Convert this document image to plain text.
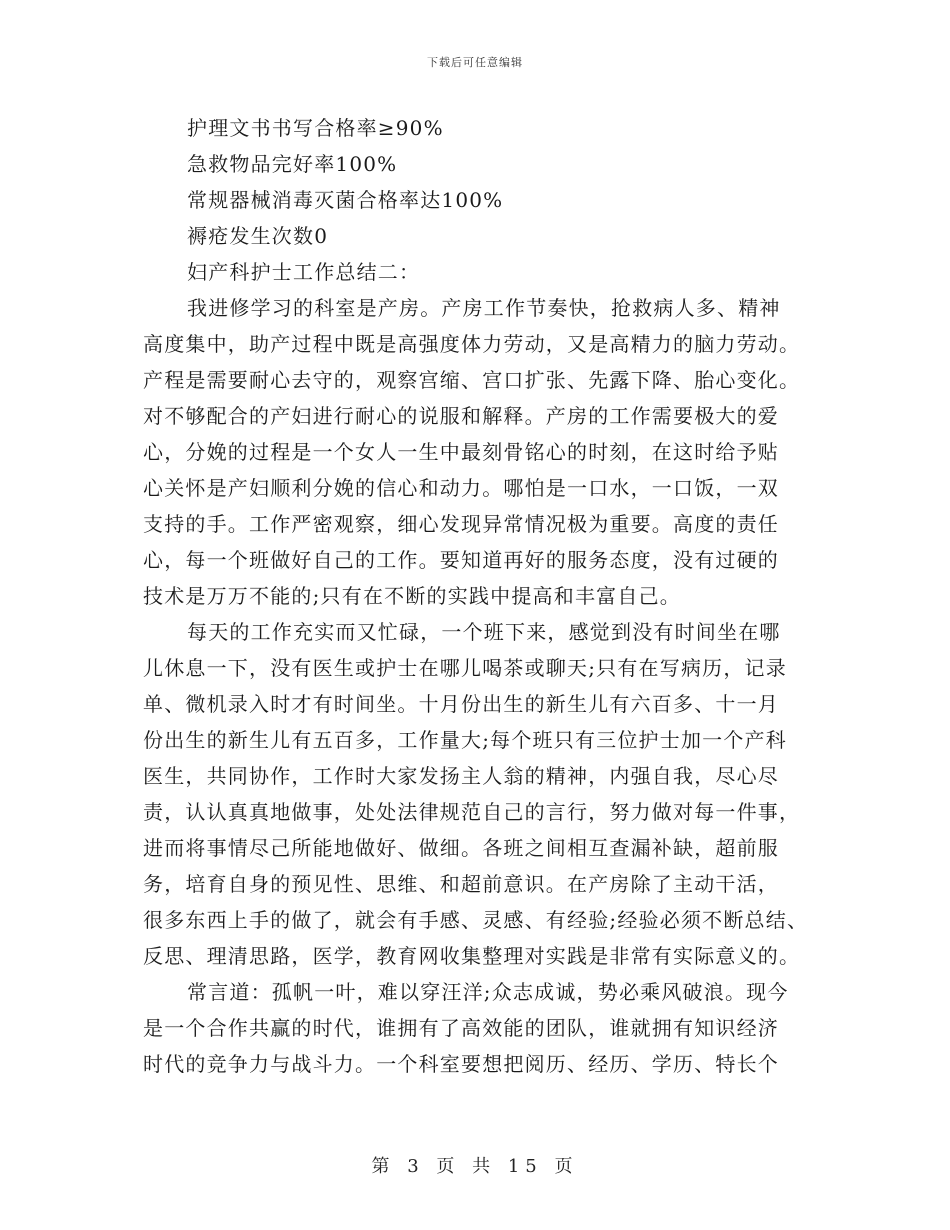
下载后可任意编辑
护理文书书写合格率≥90%
急救物品完好率100%
常规器械消毒灭菌合格率达100%
褥疮发生次数0
妇产科护士工作总结二：
我进修学习的科室是产房。产房工作节奏快，抢救病人多、精神
高度集中，助产过程中既是高强度体力劳动，又是高精力的脑力劳动。
产程是需要耐心去守的，观察宫缩、宫口扩张、先露下降、胎心变化。
对不够配合的产妇进行耐心的说服和解释。产房的工作需要极大的爱
心，分娩的过程是一个女人一生中最刻骨铭心的时刻，在这时给予贴
心关怀是产妇顺利分娩的信心和动力。哪怕是一口水，一口饭，一双
支持的手。工作严密观察，细心发现异常情况极为重要。高度的责任
心，每一个班做好自己的工作。要知道再好的服务态度，没有过硬的
技术是万万不能的;只有在不断的实践中提高和丰富自己。
每天的工作充实而又忙碌，一个班下来，感觉到没有时间坐在哪
儿休息一下，没有医生或护士在哪儿喝茶或聊天;只有在写病历，记录
单、微机录入时才有时间坐。十月份出生的新生儿有六百多、十一月
份出生的新生儿有五百多，工作量大;每个班只有三位护士加一个产科
医生，共同协作，工作时大家发扬主人翁的精神，内强自我，尽心尽
责，认认真真地做事，处处法律规范自己的言行，努力做对每一件事，
进而将事情尽己所能地做好、做细。各班之间相互查漏补缺，超前服
务，培育自身的预见性、思维、和超前意识。在产房除了主动干活，
很多东西上手的做了，就会有手感、灵感、有经验;经验必须不断总结、
反思、理清思路，医学，教育网收集整理对实践是非常有实际意义的。
常言道：孤帆一叶，难以穿汪洋;众志成诚，势必乘风破浪。现今
是一个合作共赢的时代，谁拥有了高效能的团队，谁就拥有知识经济
时代的竞争力与战斗力。一个科室要想把阅历、经历、学历、特长个
第 3 页 共 15 页
